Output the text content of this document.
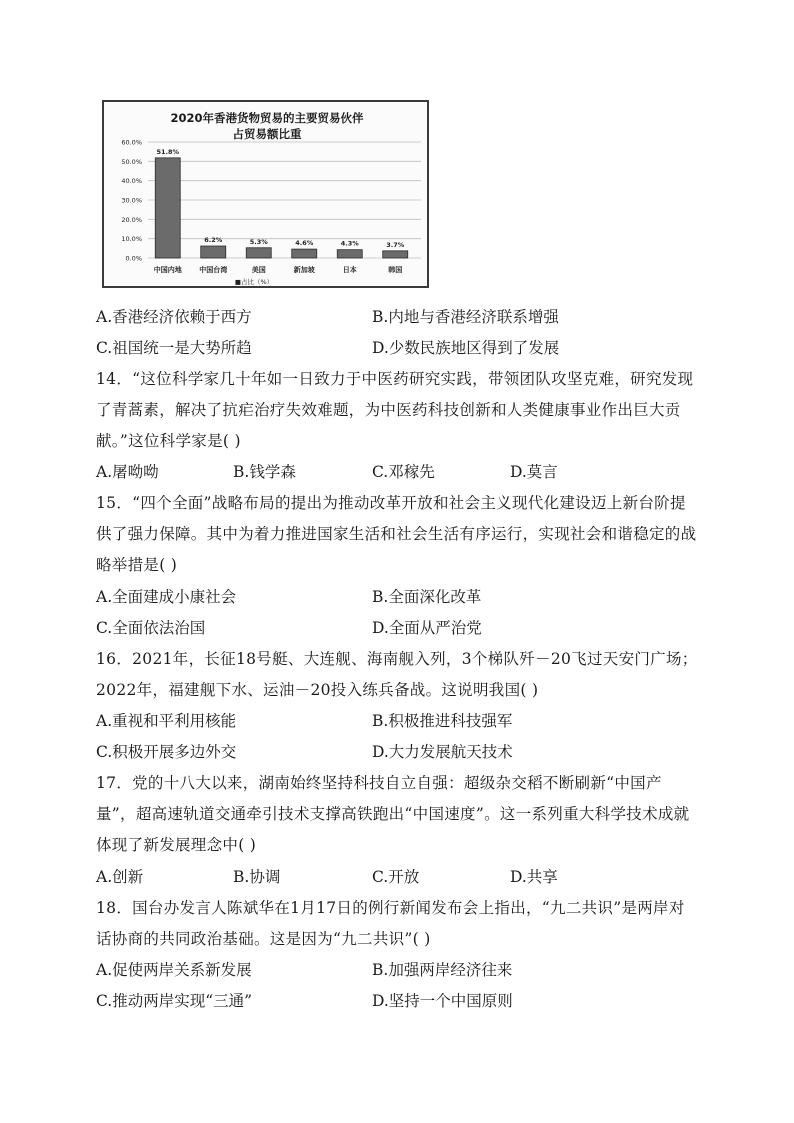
2020年香港货物贸易的主要贸易伙伴
占贸易额比重
0.0%
10.0%
20.0%
30.0%
40.0%
50.0%
60.0%
51.8%
6.2%	5.3%	4.6%	4.3%	3.7%
中国内地	中国台湾	美国	新加坡	日本	韩国
■占比（%）
A.香港经济依赖于西方	B.内地与香港经济联系增强
C.祖国统一是大势所趋	D.少数民族地区得到了发展
14．“这位科学家几十年如一日致力于中医药研究实践，带领团队攻坚克难，研究发现了青蒿素，解决了抗疟治疗失效难题，为中医药科技创新和人类健康事业作出巨大贡献。”这位科学家是( )
A.屠呦呦	B.钱学森	C.邓稼先	D.莫言
15．“四个全面”战略布局的提出为推动改革开放和社会主义现代化建设迈上新台阶提供了强力保障。其中为着力推进国家生活和社会生活有序运行，实现社会和谐稳定的战略举措是( )
A.全面建成小康社会	B.全面深化改革
C.全面依法治国	D.全面从严治党
16．2021年，长征18号艇、大连舰、海南舰入列，3个梯队歼－20飞过天安门广场；2022年，福建舰下水、运油－20投入练兵备战。这说明我国( )
A.重视和平利用核能	B.积极推进科技强军
C.积极开展多边外交	D.大力发展航天技术
17．党的十八大以来，湖南始终坚持科技自立自强：超级杂交稻不断刷新“中国产量”，超高速轨道交通牵引技术支撑高铁跑出“中国速度”。这一系列重大科学技术成就体现了新发展理念中( )
A.创新	B.协调	C.开放	D.共享
18．国台办发言人陈斌华在1月17日的例行新闻发布会上指出，“九二共识”是两岸对话协商的共同政治基础。这是因为“九二共识”( )
A.促使两岸关系新发展	B.加强两岸经济往来
C.推动两岸实现“三通”	D.坚持一个中国原则
